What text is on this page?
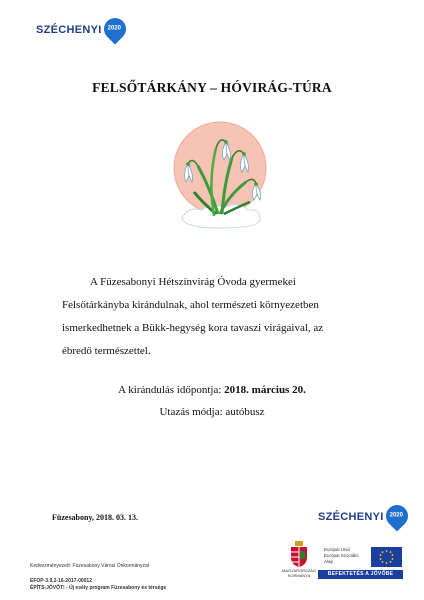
SZÉCHENYI 2020
FELSŐTÁRKÁNY – HÓVIRÁG-TÚRA
A Füzesabonyi Hétszínvirág Óvoda gyermekei
Felsőtárkányba kirándulnak, ahol természeti környezetben
ismerkedhetnek a Bükk-hegység kora tavaszi virágaival, az
ébredő természettel.
A kirándulás időpontja: 2018. március 20.
Utazás módja: autóbusz
Füzesabony, 2018. 03. 13.	SZÉCHENYI 2020
Kedvezményezett: Füzesabony Városi Önkormányzat
EFOP-3.9.2-16-2017-00012
ÉPÍTS-JÖVŐT! - Új esély program Füzesabony és térsége
MAGYARORSZÁG
KORMÁNYA
Európai Unió
Európai Szociális
Alap
BEFEKTETÉS A JÖVŐBE
